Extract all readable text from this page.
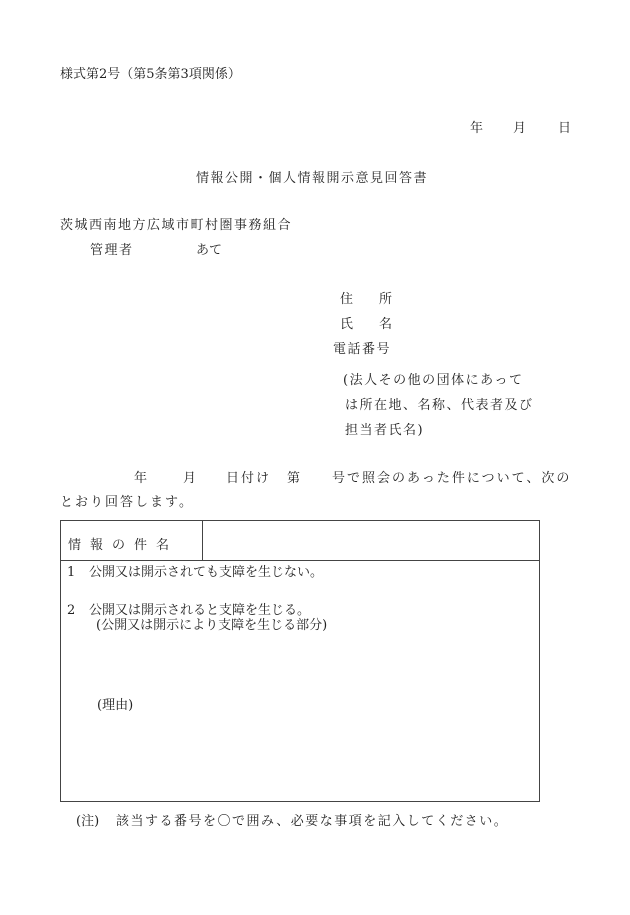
様式第2号（第5条第3項関係）
年 月 日
情報公開・個人情報開示意見回答書
茨城西南地方広域市町村圏事務組合
管理者	あて
住　　所
氏　　名
電話番号
(法人その他の団体にあって
は所在地、名称、代表者及び
担当者氏名)
年	月 日付け 第 号で照会のあった件について、次の
とおり回答します。
情報の件名
1 公開又は開示されても支障を生じない。
2 公開又は開示されると支障を生じる。
(公開又は開示により支障を生じる部分)
(理由)
(注) 該当する番号を〇で囲み、必要な事項を記入してください。
